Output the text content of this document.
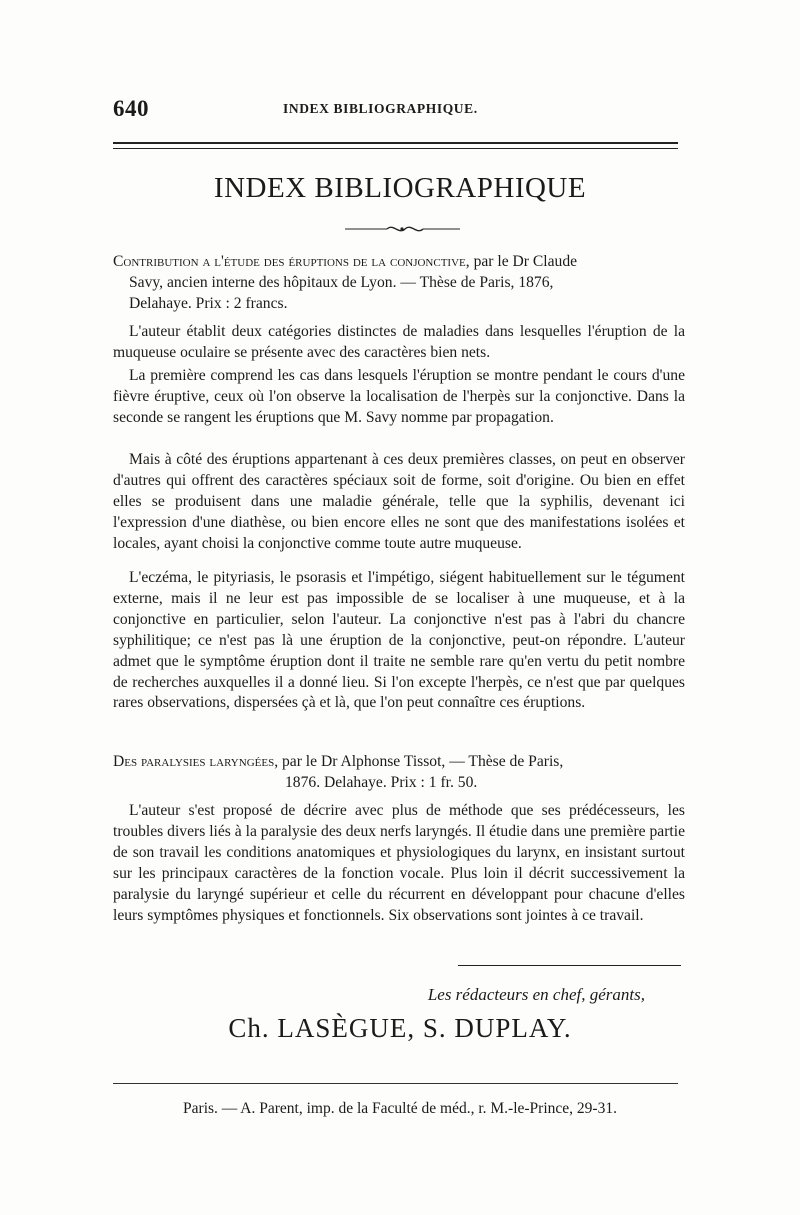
640	INDEX BIBLIOGRAPHIQUE.
INDEX BIBLIOGRAPHIQUE
Contribution a l'étude des éruptions de la conjonctive, par le Dr Claude
Savy, ancien interne des hôpitaux de Lyon. — Thèse de Paris, 1876,
Delahaye. Prix : 2 francs.

L'auteur établit deux catégories distinctes de maladies dans lesquelles l'éruption de la muqueuse oculaire se présente avec des caractères bien nets.

La première comprend les cas dans lesquels l'éruption se montre pendant le cours d'une fièvre éruptive, ceux où l'on observe la localisation de l'herpès sur la conjonctive. Dans la seconde se rangent les éruptions que M. Savy nomme par propagation.

Mais à côté des éruptions appartenant à ces deux premières classes, on peut en observer d'autres qui offrent des caractères spéciaux soit de forme, soit d'origine. Ou bien en effet elles se produisent dans une maladie générale, telle que la syphilis, devenant ici l'expression d'une diathèse, ou bien encore elles ne sont que des manifestations isolées et locales, ayant choisi la conjonctive comme toute autre muqueuse.

L'eczéma, le pityriasis, le psorasis et l'impétigo, siégent habituellement sur le tégument externe, mais il ne leur est pas impossible de se localiser à une muqueuse, et à la conjonctive en particulier, selon l'auteur. La conjonctive n'est pas à l'abri du chancre syphilitique; ce n'est pas là une éruption de la conjonctive, peut-on répondre. L'auteur admet que le symptôme éruption dont il traite ne semble rare qu'en vertu du petit nombre de recherches auxquelles il a donné lieu. Si l'on excepte l'herpès, ce n'est que par quelques rares observations, dispersées çà et là, que l'on peut connaître ces éruptions.

Des paralysies laryngées, par le Dr Alphonse Tissot, — Thèse de Paris,
1876. Delahaye. Prix : 1 fr. 50.

L'auteur s'est proposé de décrire avec plus de méthode que ses prédécesseurs, les troubles divers liés à la paralysie des deux nerfs laryngés. Il étudie dans une première partie de son travail les conditions anatomiques et physiologiques du larynx, en insistant surtout sur les principaux caractères de la fonction vocale. Plus loin il décrit successivement la paralysie du laryngé supérieur et celle du récurrent en développant pour chacune d'elles leurs symptômes physiques et fonctionnels. Six observations sont jointes à ce travail.

Les rédacteurs en chef, gérants,
Ch. LASÈGUE, S. DUPLAY.
Paris. — A. Parent, imp. de la Faculté de méd., r. M.-le-Prince, 29-31.
